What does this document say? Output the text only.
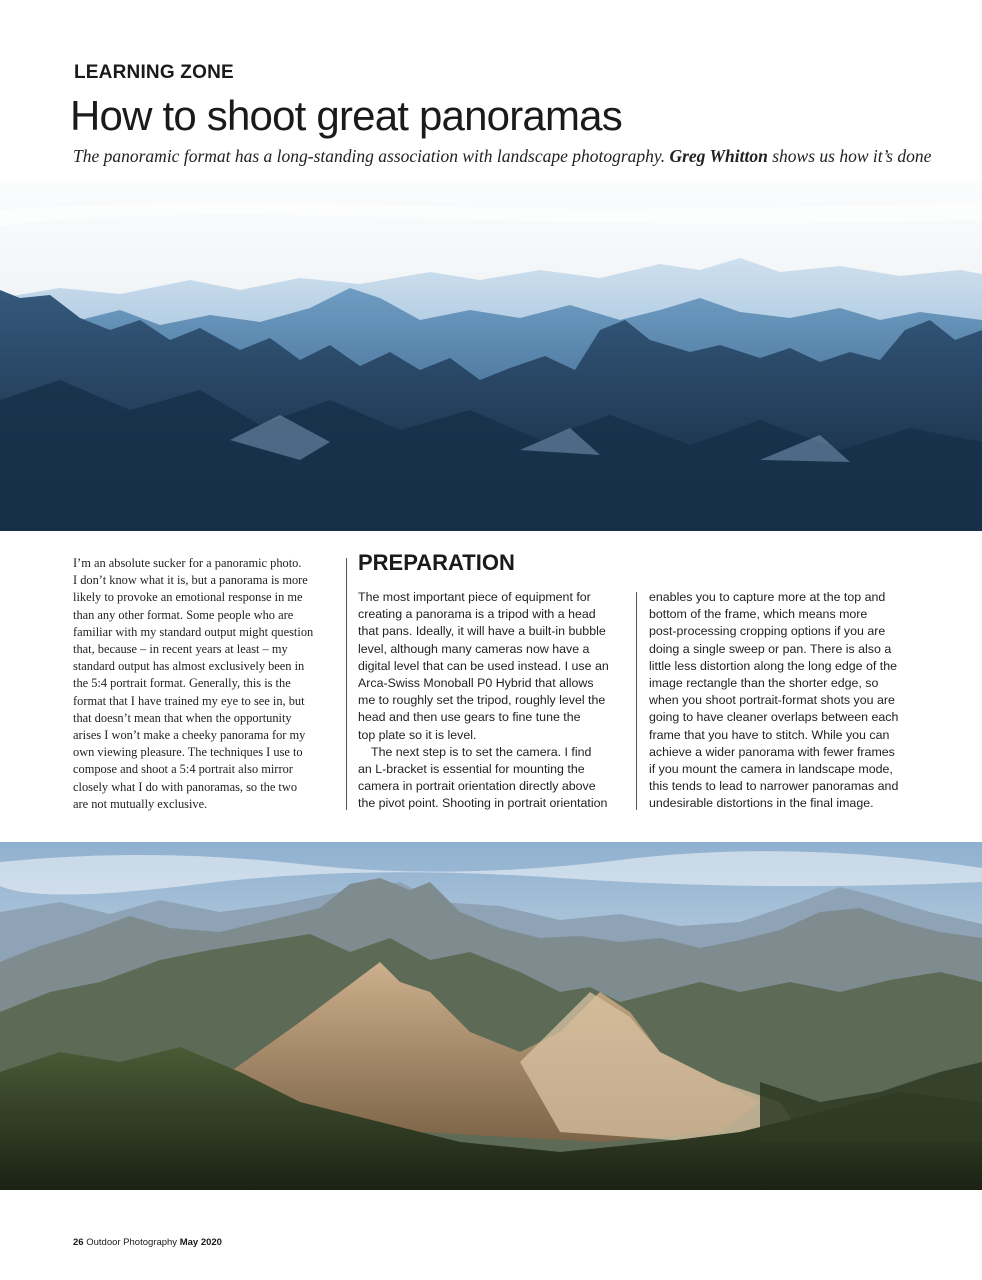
LEARNING ZONE
How to shoot great panoramas
The panoramic format has a long-standing association with landscape photography. Greg Whitton shows us how it’s done
I’m an absolute sucker for a panoramic photo.
I don’t know what it is, but a panorama is more
likely to provoke an emotional response in me
than any other format. Some people who are
familiar with my standard output might question
that, because – in recent years at least – my
standard output has almost exclusively been in
the 5:4 portrait format. Generally, this is the
format that I have trained my eye to see in, but
that doesn’t mean that when the opportunity
arises I won’t make a cheeky panorama for my
own viewing pleasure. The techniques I use to
compose and shoot a 5:4 portrait also mirror
closely what I do with panoramas, so the two
are not mutually exclusive.
PREPARATION
The most important piece of equipment for
creating a panorama is a tripod with a head
that pans. Ideally, it will have a built-in bubble
level, although many cameras now have a
digital level that can be used instead. I use an
Arca-Swiss Monoball P0 Hybrid that allows
me to roughly set the tripod, roughly level the
head and then use gears to fine tune the
top plate so it is level.
The next step is to set the camera. I find
an L-bracket is essential for mounting the
camera in portrait orientation directly above
the pivot point. Shooting in portrait orientation
enables you to capture more at the top and
bottom of the frame, which means more
post-processing cropping options if you are
doing a single sweep or pan. There is also a
little less distortion along the long edge of the
image rectangle than the shorter edge, so
when you shoot portrait-format shots you are
going to have cleaner overlaps between each
frame that you have to stitch. While you can
achieve a wider panorama with fewer frames
if you mount the camera in landscape mode,
this tends to lead to narrower panoramas and
undesirable distortions in the final image.
26 Outdoor Photography May 2020
